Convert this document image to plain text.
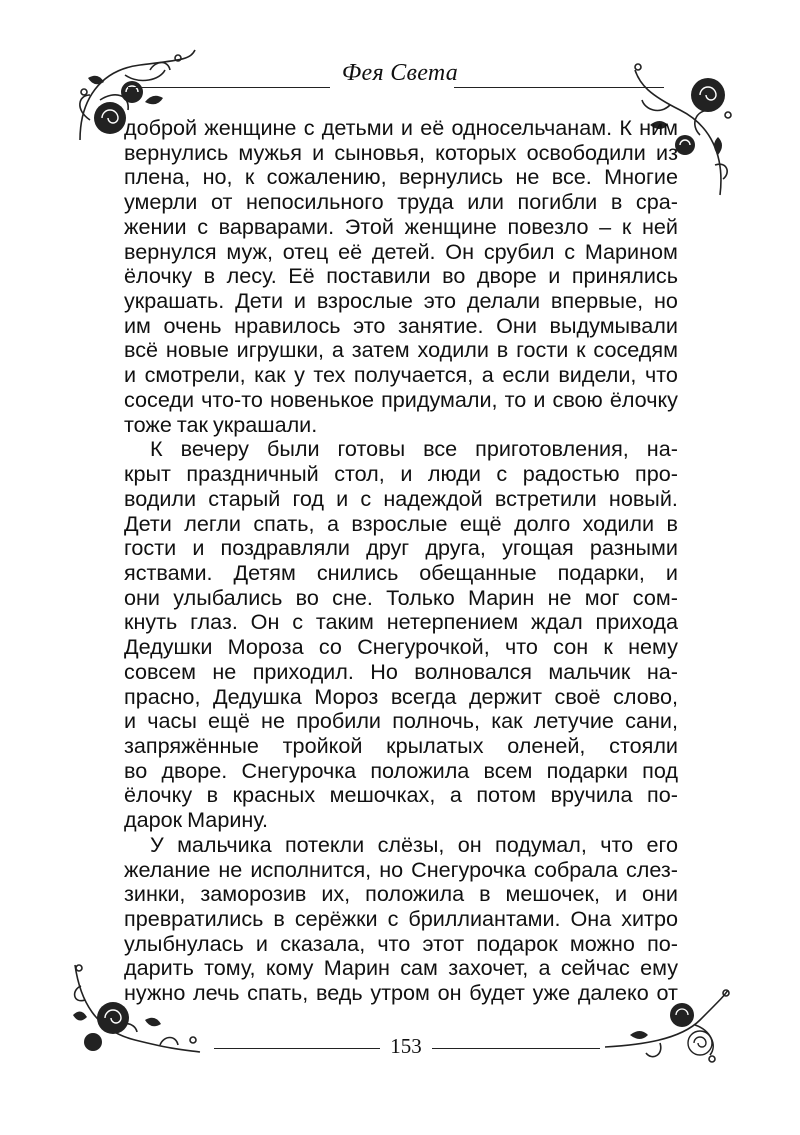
Фея Света
доброй женщине с детьми и её односельчанам. К ним
вернулись мужья и сыновья, которых освободили из
плена, но, к сожалению, вернулись не все. Многие
умерли от непосильного труда или погибли в сра-
жении с варварами. Этой женщине повезло – к ней
вернулся муж, отец её детей. Он срубил с Марином
ёлочку в лесу. Её поставили во дворе и принялись
украшать. Дети и взрослые это делали впервые, но
им очень нравилось это занятие. Они выдумывали
всё новые игрушки, а затем ходили в гости к соседям
и смотрели, как у тех получается, а если видели, что
соседи что-то новенькое придумали, то и свою ёлочку
тоже так украшали.
К вечеру были готовы все приготовления, на-
крыт праздничный стол, и люди с радостью про-
водили старый год и с надеждой встретили новый.
Дети легли спать, а взрослые ещё долго ходили в
гости и поздравляли друг друга, угощая разными
яствами. Детям снились обещанные подарки, и
они улыбались во сне. Только Марин не мог сом-
кнуть глаз. Он с таким нетерпением ждал прихода
Дедушки Мороза со Снегурочкой, что сон к нему
совсем не приходил. Но волновался мальчик на-
прасно, Дедушка Мороз всегда держит своё слово,
и часы ещё не пробили полночь, как летучие сани,
запряжённые тройкой крылатых оленей, стояли
во дворе. Снегурочка положила всем подарки под
ёлочку в красных мешочках, а потом вручила по-
дарок Марину.
У мальчика потекли слёзы, он подумал, что его
желание не исполнится, но Снегурочка собрала слез-
зинки, заморозив их, положила в мешочек, и они
превратились в серёжки с бриллиантами. Она хитро
улыбнулась и сказала, что этот подарок можно по-
дарить тому, кому Марин сам захочет, а сейчас ему
нужно лечь спать, ведь утром он будет уже далеко от
153
